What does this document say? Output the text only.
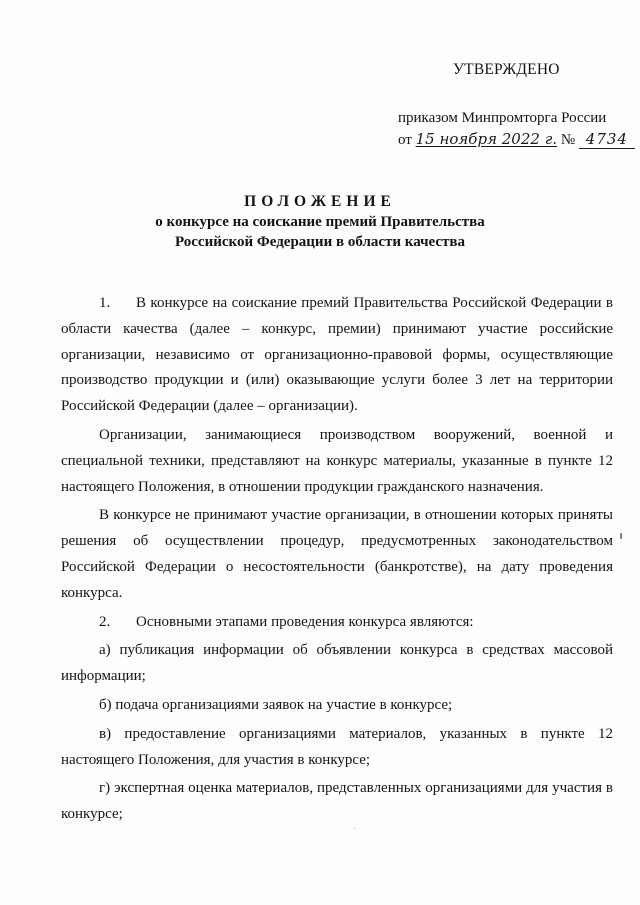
УТВЕРЖДЕНО
приказом Минпромторга России
от 15 ноября 2022 г. № 4734
ПОЛОЖЕНИЕ
о конкурсе на соискание премий Правительства
Российской Федерации в области качества

1. В конкурсе на соискание премий Правительства Российской Федерации в области качества (далее – конкурс, премии) принимают участие российские организации, независимо от организационно-правовой формы, осуществляющие производство продукции и (или) оказывающие услуги более 3 лет на территории Российской Федерации (далее – организации).

Организации, занимающиеся производством вооружений, военной и специальной техники, представляют на конкурс материалы, указанные в пункте 12 настоящего Положения, в отношении продукции гражданского назначения.

В конкурсе не принимают участие организации, в отношении которых приняты решения об осуществлении процедур, предусмотренных законодательством Российской Федерации о несостоятельности (банкротстве), на дату проведения конкурса.

2. Основными этапами проведения конкурса являются:

а) публикация информации об объявлении конкурса в средствах массовой информации;

б) подача организациями заявок на участие в конкурсе;

в) предоставление организациями материалов, указанных в пункте 12 настоящего Положения, для участия в конкурсе;

г) экспертная оценка материалов, представленных организациями для участия в конкурсе;
